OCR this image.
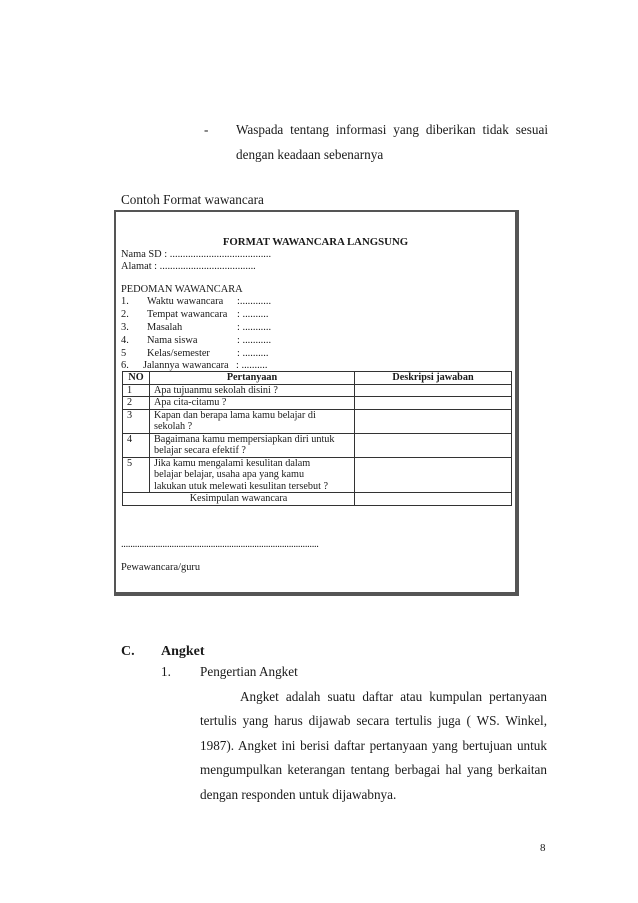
- Waspada tentang informasi yang diberikan tidak sesuai
dengan keadaan sebenarnya
Contoh Format wawancara
FORMAT WAWANCARA LANGSUNG
Nama SD : .......................................
Alamat : .....................................
PEDOMAN WAWANCARA
1. Waktu wawancara :............
2. Tempat wawancara : ..........
3. Masalah	: ...........
4. Nama siswa	: ...........
5 Kelas/semester	: ..........
6. Jalannya wawancara : ..........
NO	Pertanyaan	Deskripsi jawaban
1	Apa tujuanmu sekolah disini ?	

2	Apa cita-citamu ?	

3	Kapan dan berapa lama kamu belajar di
sekolah ?	

4	Bagaimana kamu mempersiapkan diri untuk
belajar secara efektif ?	

5	Jika kamu mengalami kesulitan dalam
belajar belajar, usaha apa yang kamu
lakukan utuk melewati kesulitan tersebut ?	

Kesimpulan wawancara		
......................................................................................
Pewawancara/guru
C. Angket
1. Pengertian Angket
Angket adalah suatu daftar atau kumpulan pertanyaan
tertulis yang harus dijawab secara tertulis juga ( WS. Winkel,
1987). Angket ini berisi daftar pertanyaan yang bertujuan untuk
mengumpulkan keterangan tentang berbagai hal yang berkaitan
dengan responden untuk dijawabnya.
8
